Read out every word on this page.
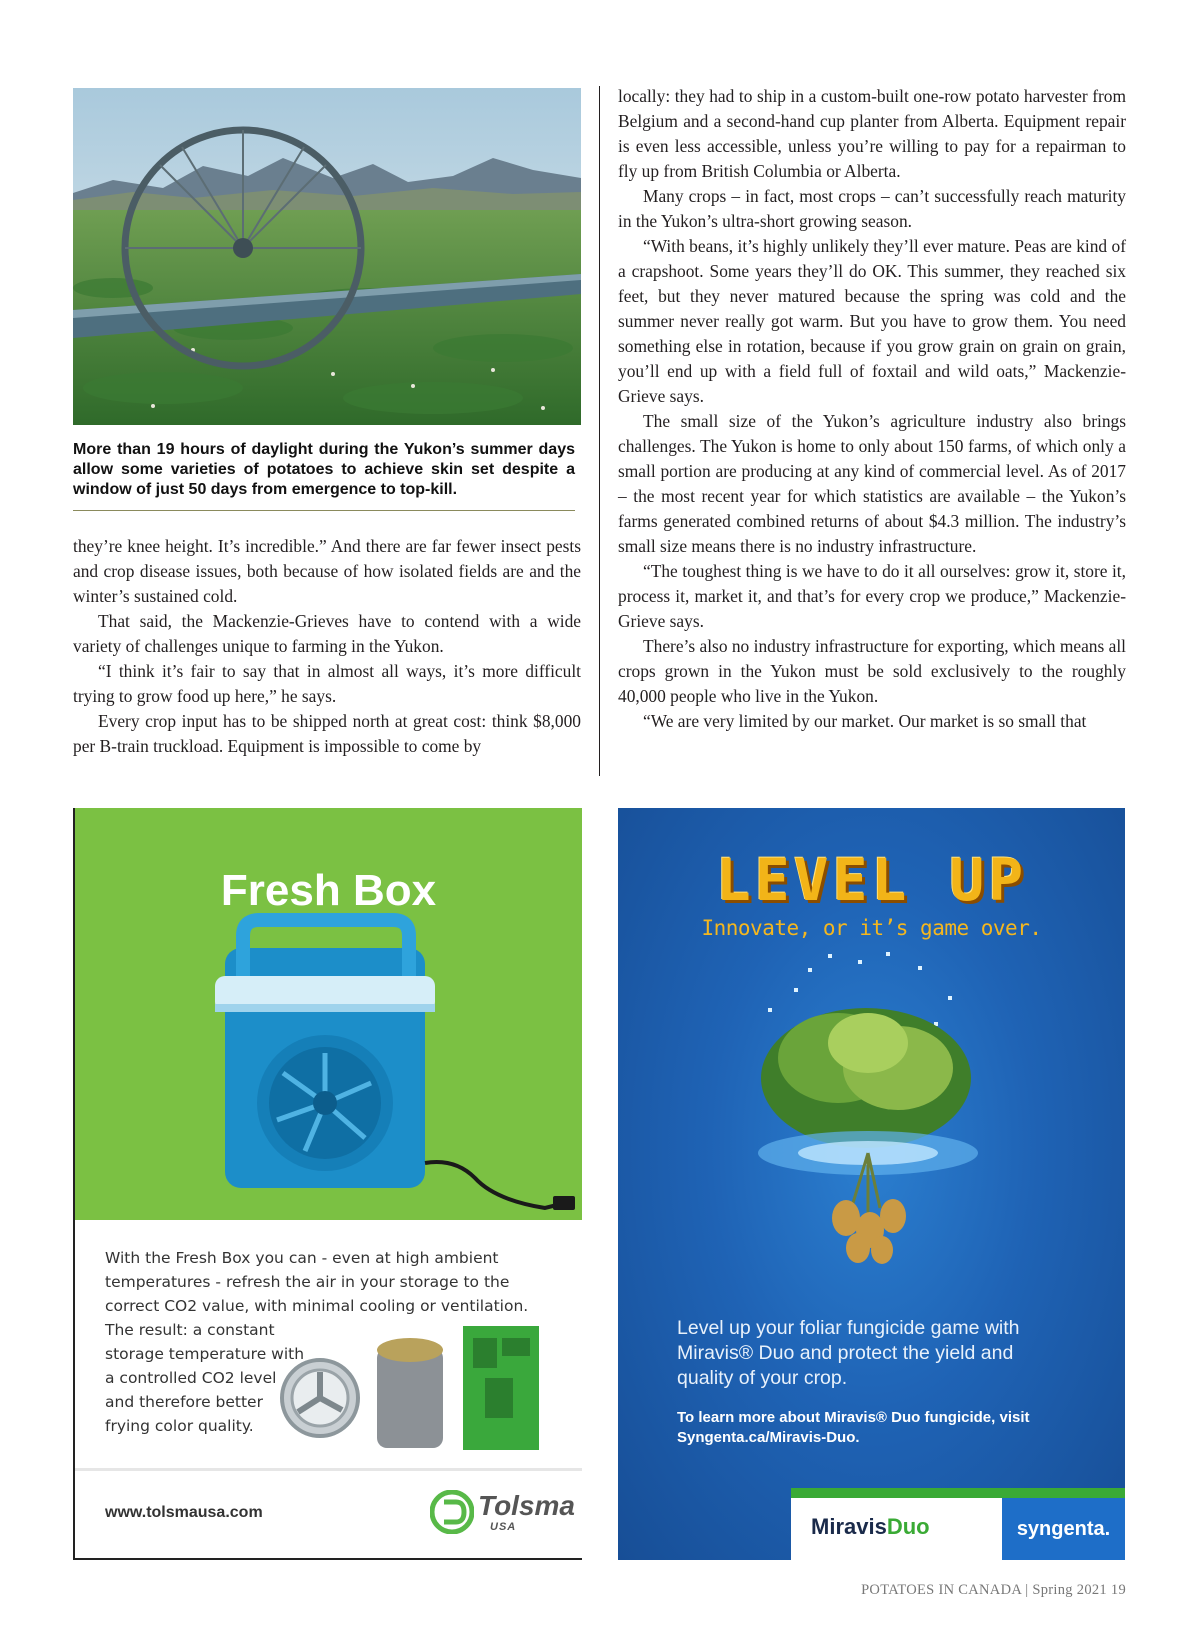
More than 19 hours of daylight during the Yukon’s summer days allow some varieties of potatoes to achieve skin set despite a window of just 50 days from emergence to top-kill.

they’re knee height. It’s incredible.” And there are far fewer insect pests and crop disease issues, both because of how isolated fields are and the winter’s sustained cold.

That said, the Mackenzie-Grieves have to contend with a wide variety of challenges unique to farming in the Yukon.

“I think it’s fair to say that in almost all ways, it’s more difficult trying to grow food up here,” he says.

Every crop input has to be shipped north at great cost: think $8,000 per B-train truckload. Equipment is impossible to come by

locally: they had to ship in a custom-built one-row potato harvester from Belgium and a second-hand cup planter from Alberta. Equipment repair is even less accessible, unless you’re willing to pay for a repairman to fly up from British Columbia or Alberta.

Many crops – in fact, most crops – can’t successfully reach maturity in the Yukon’s ultra-short growing season.

“With beans, it’s highly unlikely they’ll ever mature. Peas are kind of a crapshoot. Some years they’ll do OK. This summer, they reached six feet, but they never matured because the spring was cold and the summer never really got warm. But you have to grow them. You need something else in rotation, because if you grow grain on grain on grain, you’ll end up with a field full of foxtail and wild oats,” Mackenzie-Grieve says.

The small size of the Yukon’s agriculture industry also brings challenges. The Yukon is home to only about 150 farms, of which only a small portion are producing at any kind of commercial level. As of 2017 – the most recent year for which statistics are available – the Yukon’s farms generated combined returns of about $4.3 million. The industry’s small size means there is no industry infrastructure.

“The toughest thing is we have to do it all ourselves: grow it, store it, process it, market it, and that’s for every crop we produce,” Mackenzie-Grieve says.

There’s also no industry infrastructure for exporting, which means all crops grown in the Yukon must be sold exclusively to the roughly 40,000 people who live in the Yukon.

“We are very limited by our market. Our market is so small that

Fresh Box
With the Fresh Box you can - even at high ambient temperatures - refresh the air in your storage to the correct CO2 value, with minimal cooling or ventilation.
The result: a constant storage temperature with a controlled CO2 level and therefore better frying color quality.
www.tolsmausa.com	Tolsma
USA
LEVEL UP
Innovate, or it’s game over.
Level up your foliar fungicide game with Miravis® Duo and protect the yield and quality of your crop.
To learn more about Miravis® Duo fungicide, visit Syngenta.ca/Miravis-Duo.
MiravisDuo	syngenta.
POTATOES IN CANADA | Spring 2021 19
